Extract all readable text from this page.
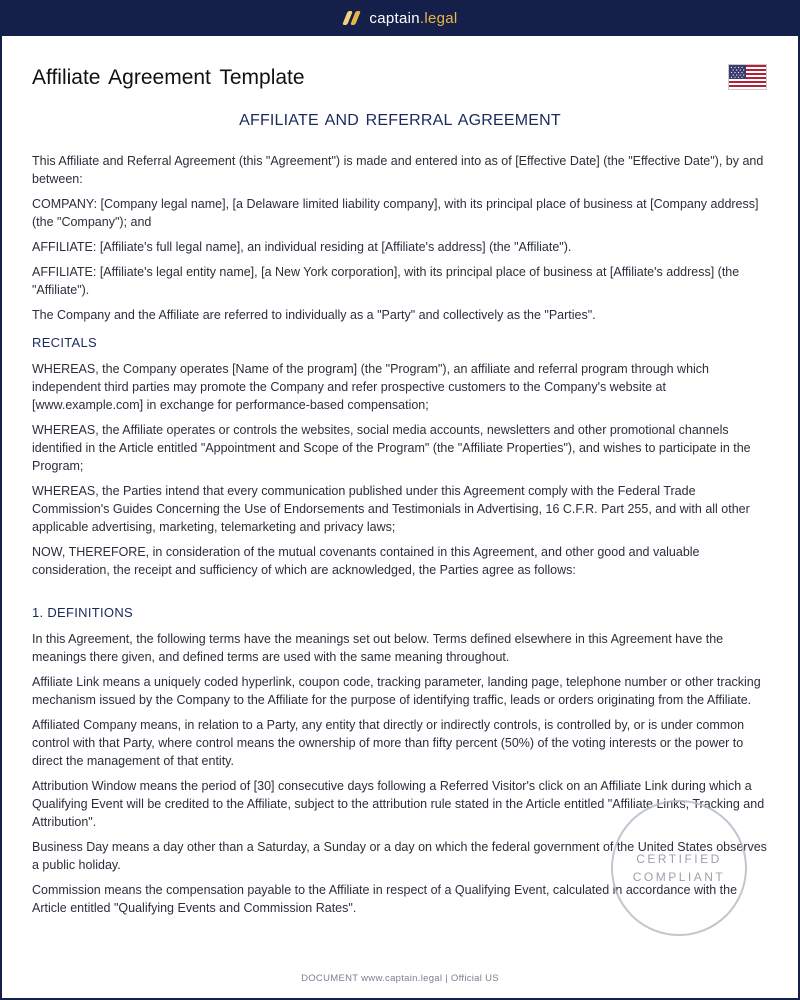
captain.legal
Affiliate Agreement Template
AFFILIATE AND REFERRAL AGREEMENT

This Affiliate and Referral Agreement (this "Agreement") is made and entered into as of [Effective Date] (the "Effective Date"), by and between:

COMPANY: [Company legal name], [a Delaware limited liability company], with its principal place of business at [Company address] (the "Company"); and

AFFILIATE: [Affiliate's full legal name], an individual residing at [Affiliate's address] (the "Affiliate").

AFFILIATE: [Affiliate's legal entity name], [a New York corporation], with its principal place of business at [Affiliate's address] (the "Affiliate").

The Company and the Affiliate are referred to individually as a "Party" and collectively as the "Parties".

RECITALS

WHEREAS, the Company operates [Name of the program] (the "Program"), an affiliate and referral program through which independent third parties may promote the Company and refer prospective customers to the Company's website at [www.example.com] in exchange for performance-based compensation;

WHEREAS, the Affiliate operates or controls the websites, social media accounts, newsletters and other promotional channels identified in the Article entitled "Appointment and Scope of the Program" (the "Affiliate Properties"), and wishes to participate in the Program;

WHEREAS, the Parties intend that every communication published under this Agreement comply with the Federal Trade Commission's Guides Concerning the Use of Endorsements and Testimonials in Advertising, 16 C.F.R. Part 255, and with all other applicable advertising, marketing, telemarketing and privacy laws;

NOW, THEREFORE, in consideration of the mutual covenants contained in this Agreement, and other good and valuable consideration, the receipt and sufficiency of which are acknowledged, the Parties agree as follows:

1. DEFINITIONS

In this Agreement, the following terms have the meanings set out below. Terms defined elsewhere in this Agreement have the meanings there given, and defined terms are used with the same meaning throughout.

Affiliate Link means a uniquely coded hyperlink, coupon code, tracking parameter, landing page, telephone number or other tracking mechanism issued by the Company to the Affiliate for the purpose of identifying traffic, leads or orders originating from the Affiliate.

Affiliated Company means, in relation to a Party, any entity that directly or indirectly controls, is controlled by, or is under common control with that Party, where control means the ownership of more than fifty percent (50%) of the voting interests or the power to direct the management of that entity.

Attribution Window means the period of [30] consecutive days following a Referred Visitor's click on an Affiliate Link during which a Qualifying Event will be credited to the Affiliate, subject to the attribution rule stated in the Article entitled "Affiliate Links, Tracking and Attribution".

Business Day means a day other than a Saturday, a Sunday or a day on which the federal government of the United States observes a public holiday.

Commission means the compensation payable to the Affiliate in respect of a Qualifying Event, calculated in accordance with the Article entitled "Qualifying Events and Commission Rates".

CERTIFIED
COMPLIANT
DOCUMENT www.captain.legal | Official US
